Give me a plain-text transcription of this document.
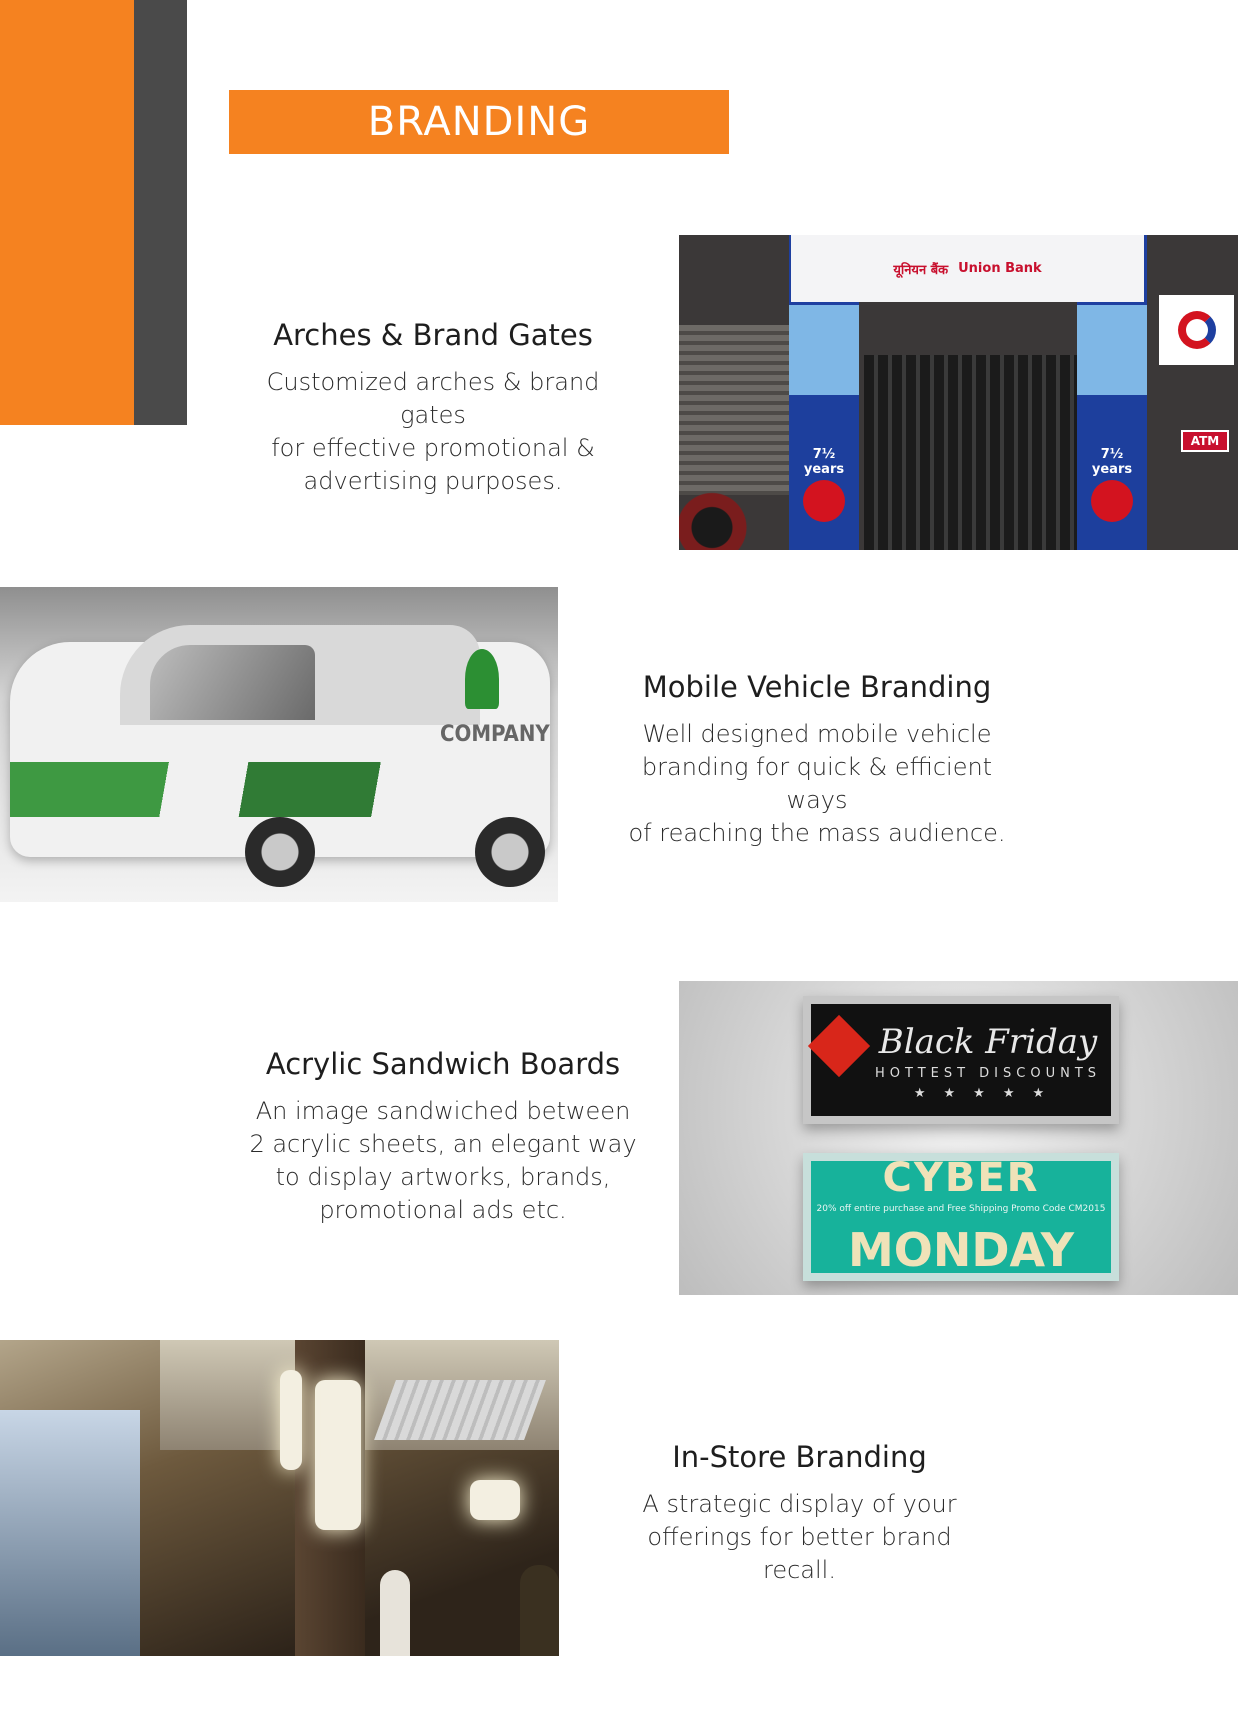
BRANDING
Arches & Brand Gates

Customized arches & brand gates

for effective promotional &

advertising purposes.

7½ years
7½ years
यूनियन बैंक Union Bank
ATM
COMPANY
Mobile Vehicle Branding

Well designed mobile vehicle

branding for quick & efficient ways

of reaching the mass audience.

Acrylic Sandwich Boards

An image sandwiched between

2 acrylic sheets, an elegant way

to display artworks, brands,

promotional ads etc.

Black Friday
HOTTEST DISCOUNTS
★★★★★
CYBER
20% off entire purchase and Free Shipping Promo Code CM2015
MONDAY
In-Store Branding

A strategic display of your

offerings for better brand recall.
